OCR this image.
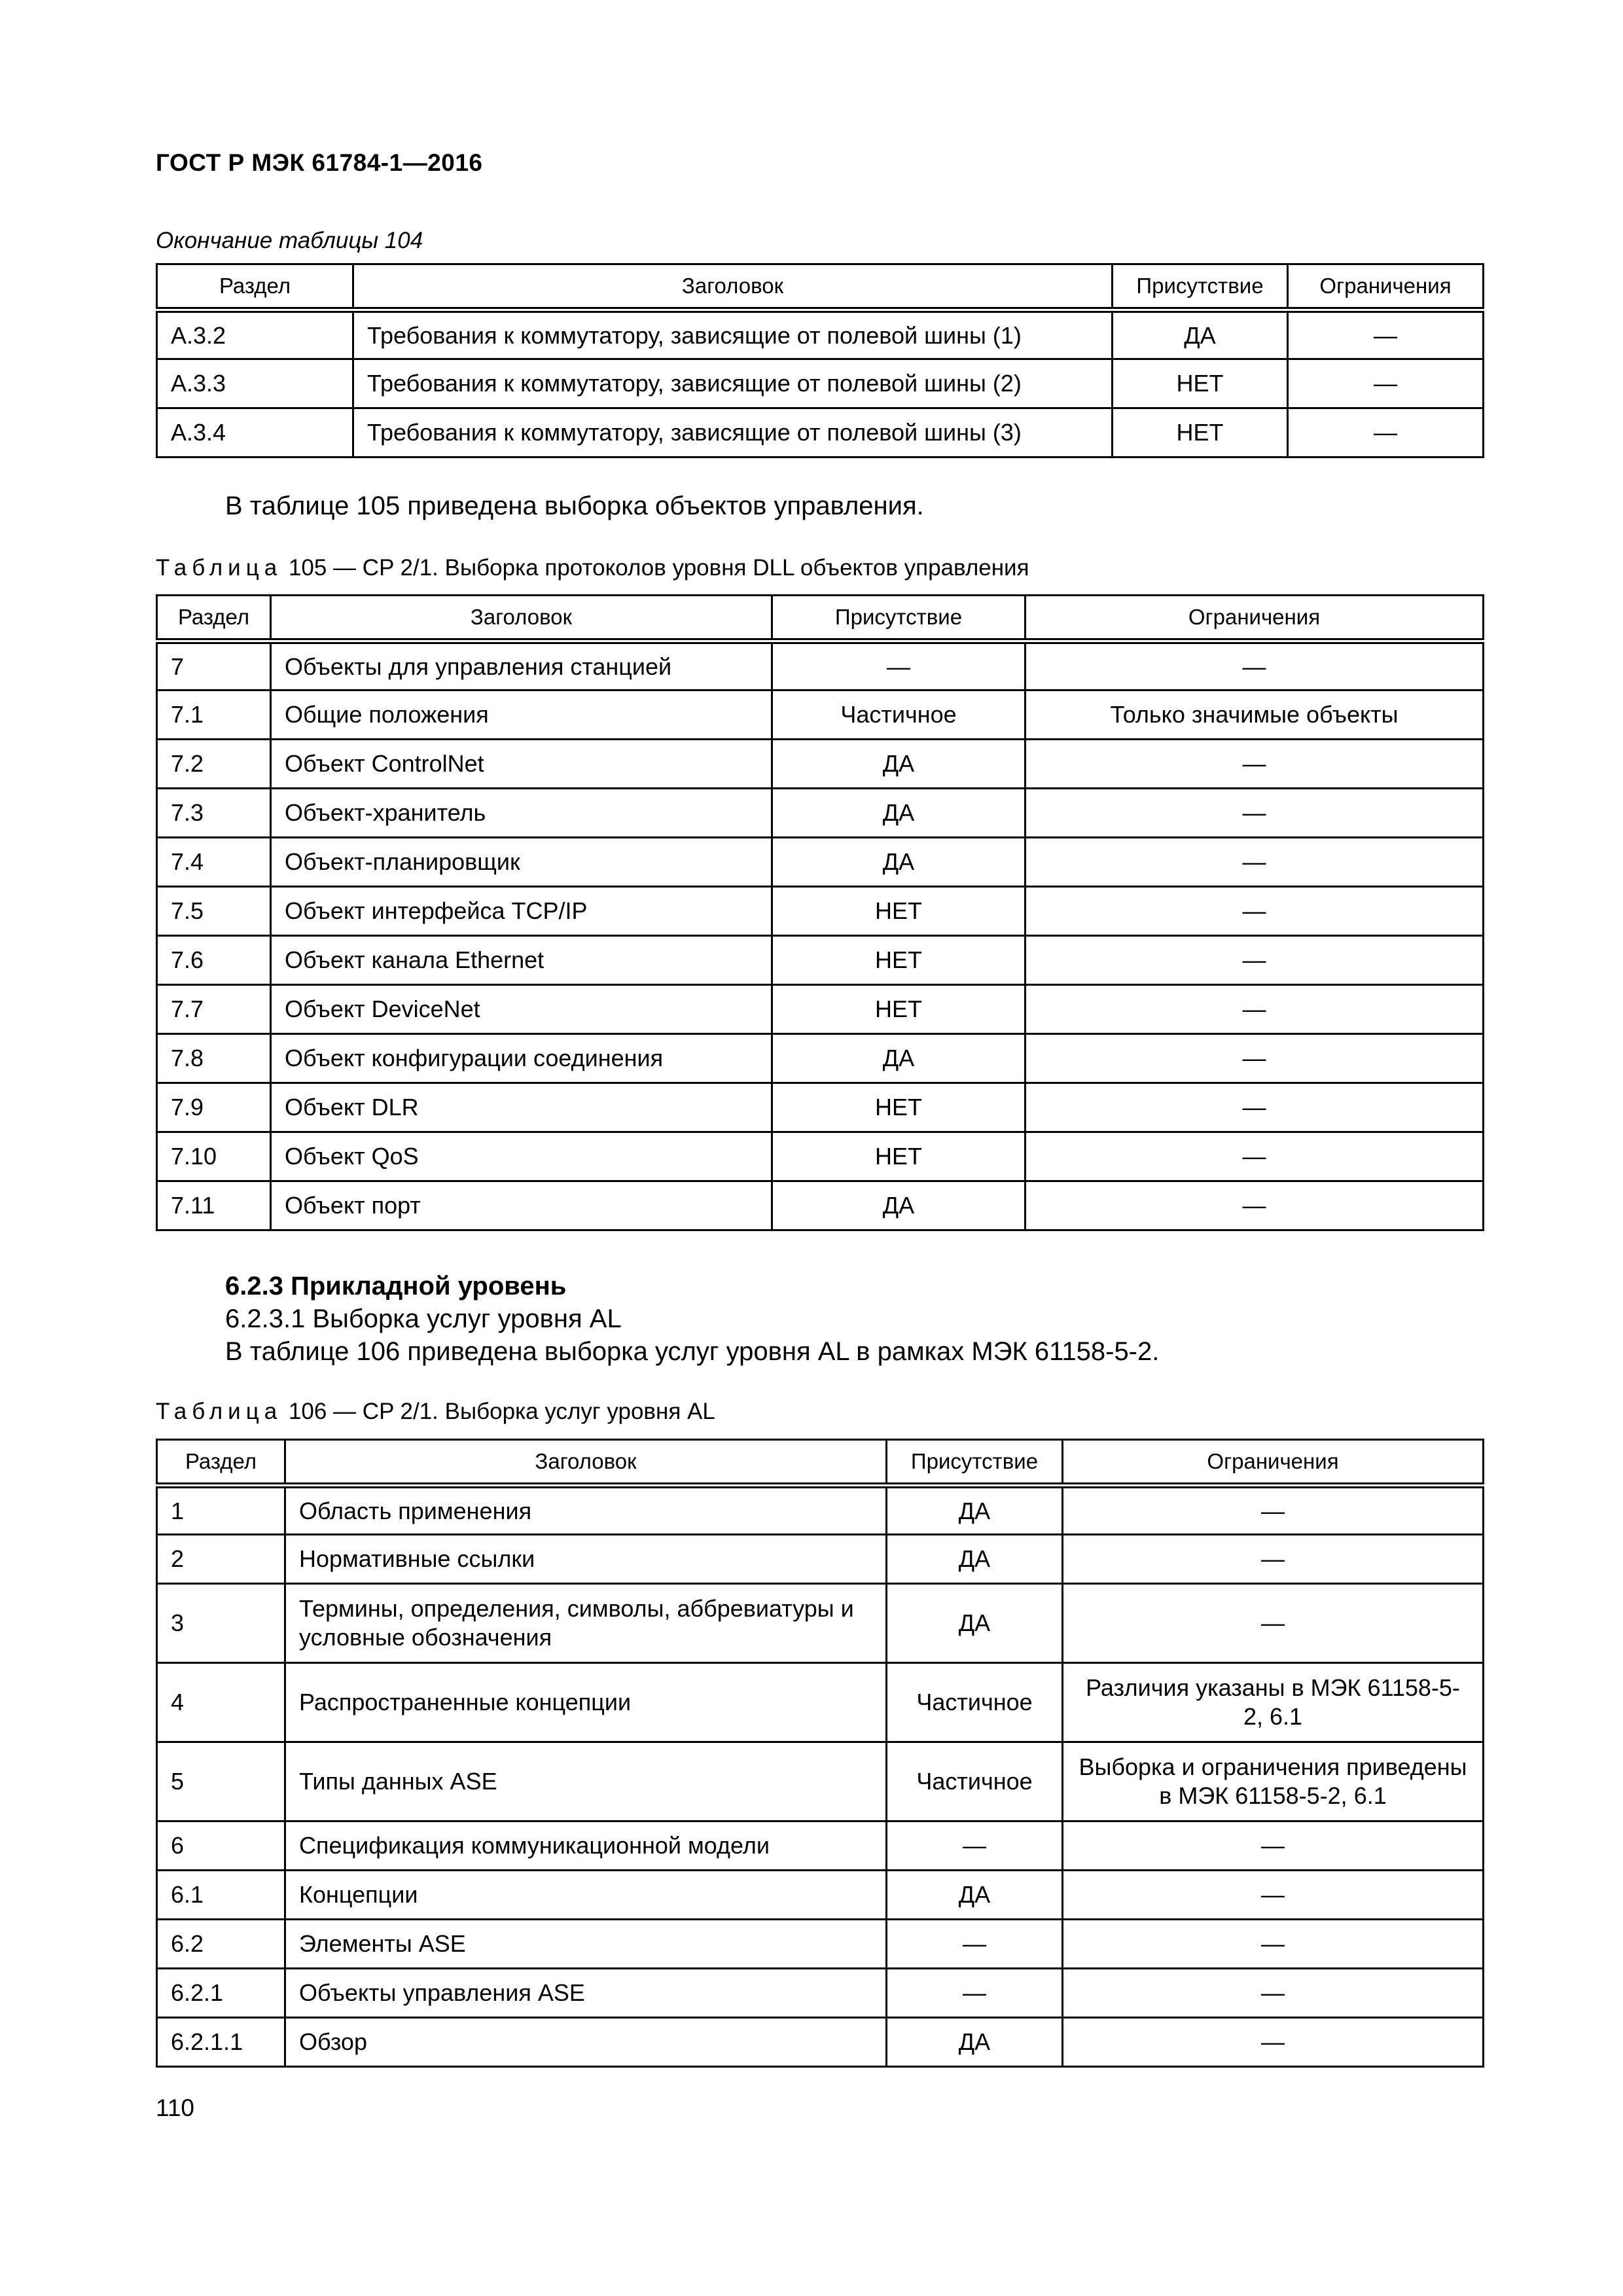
ГОСТ Р МЭК 61784-1—2016
Окончание таблицы 104
Раздел	Заголовок	Присутствие	Ограничения
A.3.2	Требования к коммутатору, зависящие от полевой шины (1)	ДА	—
A.3.3	Требования к коммутатору, зависящие от полевой шины (2)	НЕТ	—
A.3.4	Требования к коммутатору, зависящие от полевой шины (3)	НЕТ	—
В таблице 105 приведена выборка объектов управления.
Таблица 105 — CP 2/1. Выборка протоколов уровня DLL объектов управления
Раздел	Заголовок	Присутствие	Ограничения
7	Объекты для управления станцией	—	—
7.1	Общие положения	Частичное	Только значимые объекты
7.2	Объект ControlNet	ДА	—
7.3	Объект-хранитель	ДА	—
7.4	Объект-планировщик	ДА	—
7.5	Объект интерфейса TCP/IP	НЕТ	—
7.6	Объект канала Ethernet	НЕТ	—
7.7	Объект DeviceNet	НЕТ	—
7.8	Объект конфигурации соединения	ДА	—
7.9	Объект DLR	НЕТ	—
7.10	Объект QoS	НЕТ	—
7.11	Объект порт	ДА	—
6.2.3 Прикладной уровень
6.2.3.1 Выборка услуг уровня AL
В таблице 106 приведена выборка услуг уровня AL в рамках МЭК 61158-5-2.
Таблица 106 — CP 2/1. Выборка услуг уровня AL
Раздел	Заголовок	Присутствие	Ограничения
1	Область применения	ДА	—
2	Нормативные ссылки	ДА	—
3	Термины, определения, символы, аббревиатуры и условные обозначения	ДА	—
4	Распространенные концепции	Частичное	Различия указаны в МЭК 61158-5-2, 6.1
5	Типы данных ASE	Частичное	Выборка и ограничения приведены в МЭК 61158-5-2, 6.1
6	Спецификация коммуникационной модели	—	—
6.1	Концепции	ДА	—
6.2	Элементы ASE	—	—
6.2.1	Объекты управления ASE	—	—
6.2.1.1	Обзор	ДА	—
110
